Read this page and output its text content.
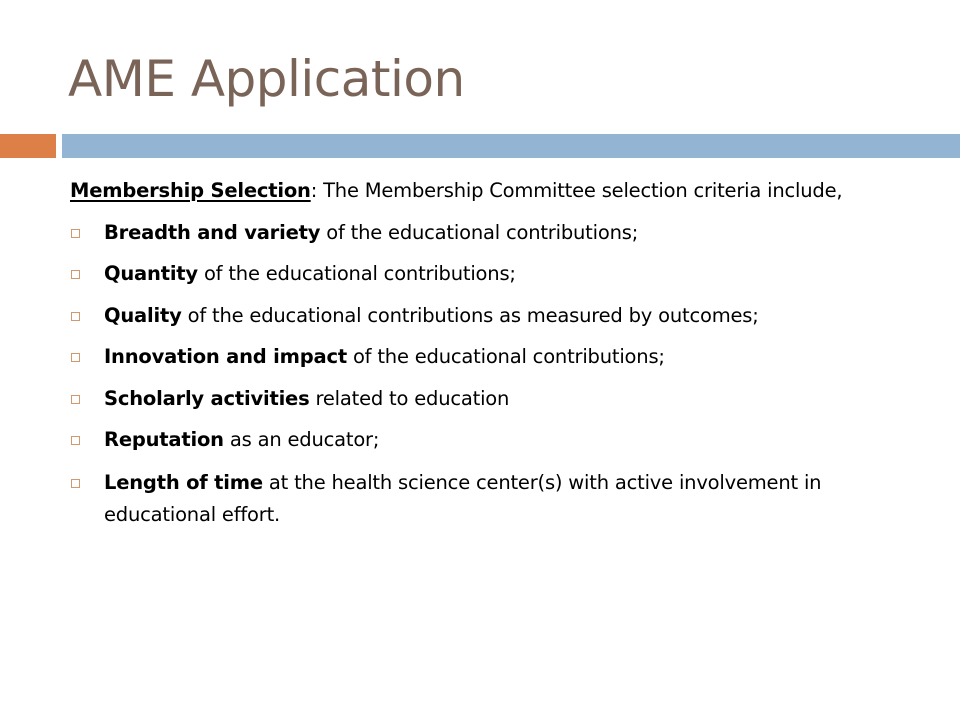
AME Application
Membership Selection: The Membership Committee selection criteria include,
Breadth and variety of the educational contributions;
Quantity of the educational contributions;
Quality of the educational contributions as measured by outcomes;
Innovation and impact of the educational contributions;
Scholarly activities related to education
Reputation as an educator;
Length of time at the health science center(s) with active involvement in educational effort.
